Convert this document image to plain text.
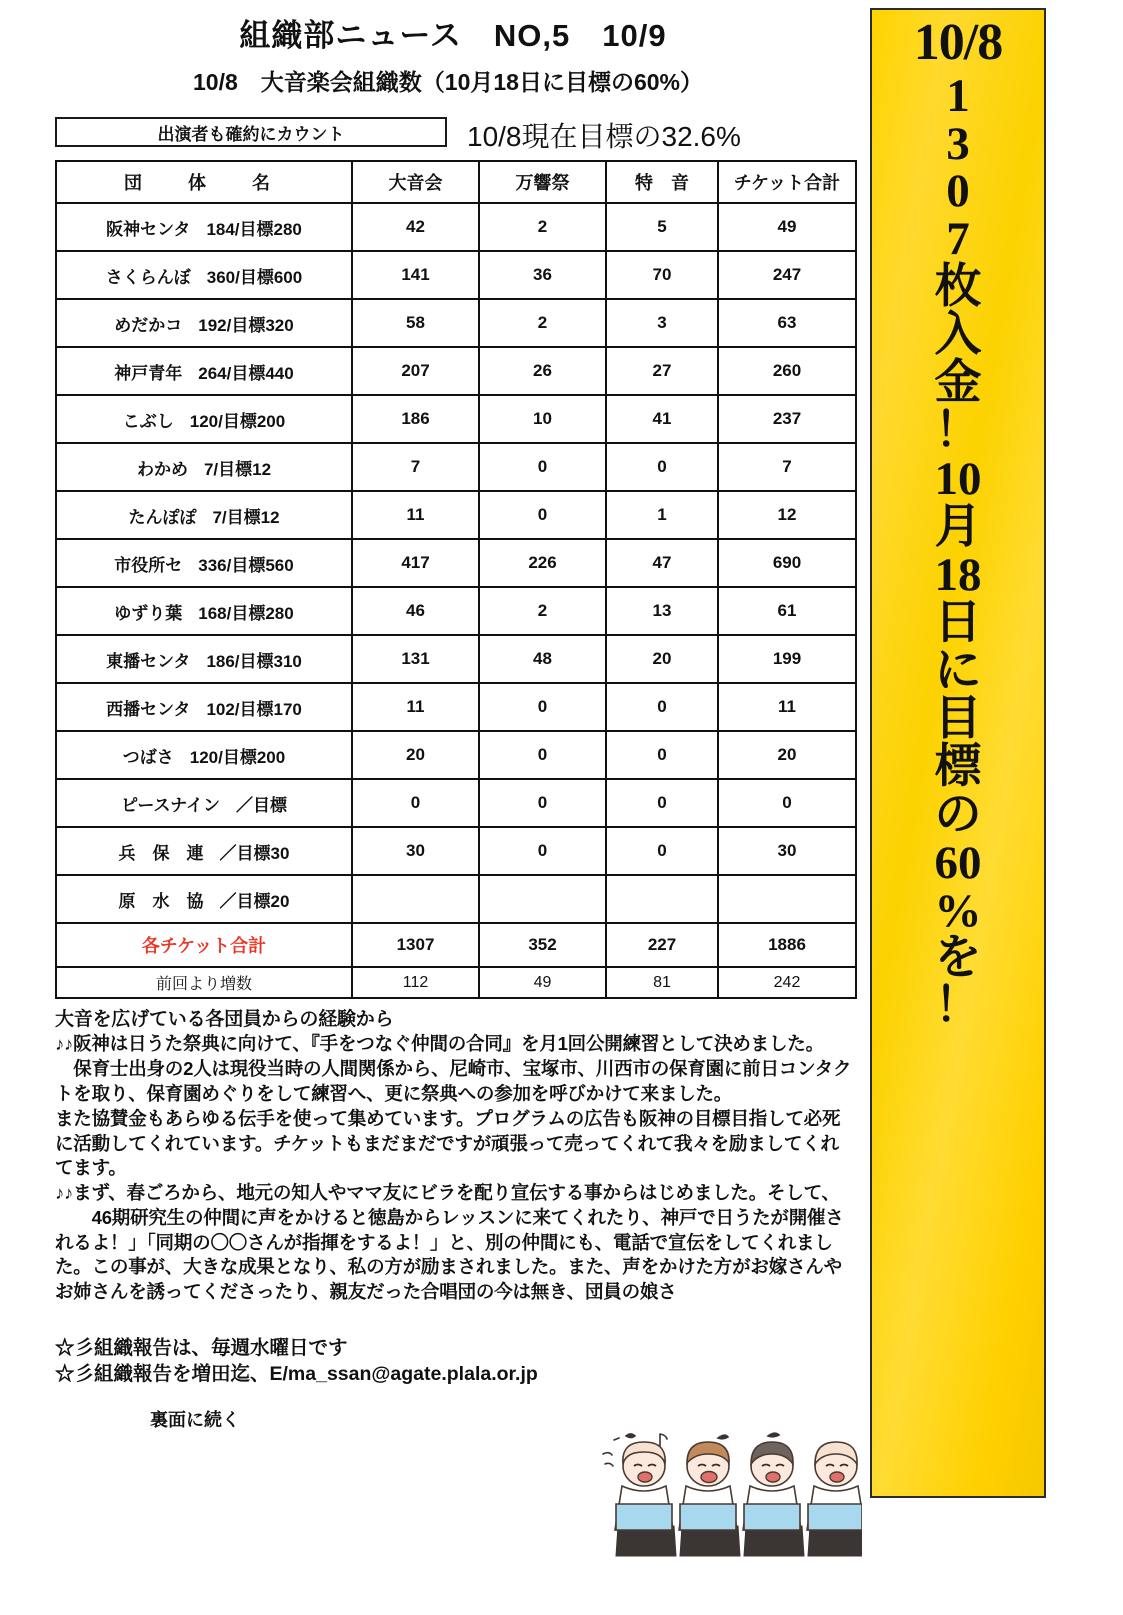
組織部ニュース　NO,5　10/9
10/8　大音楽会組織数（10月18日に目標の60%）
出演者も確約にカウント	10/8現在目標の32.6%
団　体　名	大音会	万響祭	特　音	チケット合計

阪神センタ 184/目標280	42	2	5	49

さくらんぼ 360/目標600	141	36	70	247

めだかコ 192/目標320	58	2	3	63

神戸青年 264/目標440	207	26	27	260

こぶし 120/目標200	186	10	41	237

わかめ 7/目標12	7	0	0	7

たんぽぽ 7/目標12	11	0	1	12

市役所セ 336/目標560	417	226	47	690

ゆずり葉 168/目標280	46	2	13	61

東播センタ 186/目標310	131	48	20	199

西播センタ 102/目標170	11	0	0	11

つばさ 120/目標200	20	0	0	20

ピースナイン ／目標	0	0	0	0

兵　保　連 ／目標30	30	0	0	30

原　水　協 ／目標20				

各チケット合計	1307	352	227	1886
前回より増数	112	49	81	242

大音を広げている各団員からの経験から

♪♪阪神は日うた祭典に向けて、『手をつなぐ仲間の合同』を月1回公開練習として決めました。

　保育士出身の2人は現役当時の人間関係から、尼崎市、宝塚市、川西市の保育園に前日コンタクトを取り、保育園めぐりをして練習へ、更に祭典への参加を呼びかけて来ました。

また協賛金もあらゆる伝手を使って集めています。プログラムの広告も阪神の目標目指して必死に活動してくれています。チケットもまだまだですが頑張って売ってくれて我々を励ましてくれてます。

♪♪まず、春ごろから、地元の知人やママ友にビラを配り宣伝する事からはじめました。そして、

　　46期研究生の仲間に声をかけると徳島からレッスンに来てくれたり、神戸で日うたが開催されるよ！」「同期の〇〇さんが指揮をするよ！」と、別の仲間にも、電話で宣伝をしてくれました。この事が、大きな成果となり、私の方が励まされました。また、声をかけた方がお嫁さんやお姉さんを誘ってくださったり、親友だった合唱団の今は無き、団員の娘さ

☆彡組織報告は、毎週水曜日です
☆彡組織報告を増田迄、E/ma_ssan@agate.plala.or.jp
裏面に続く
10/8
1
3
0
7
枚
入
金
！
10
月
18
日
に
目
標
の
60
%
を
！
